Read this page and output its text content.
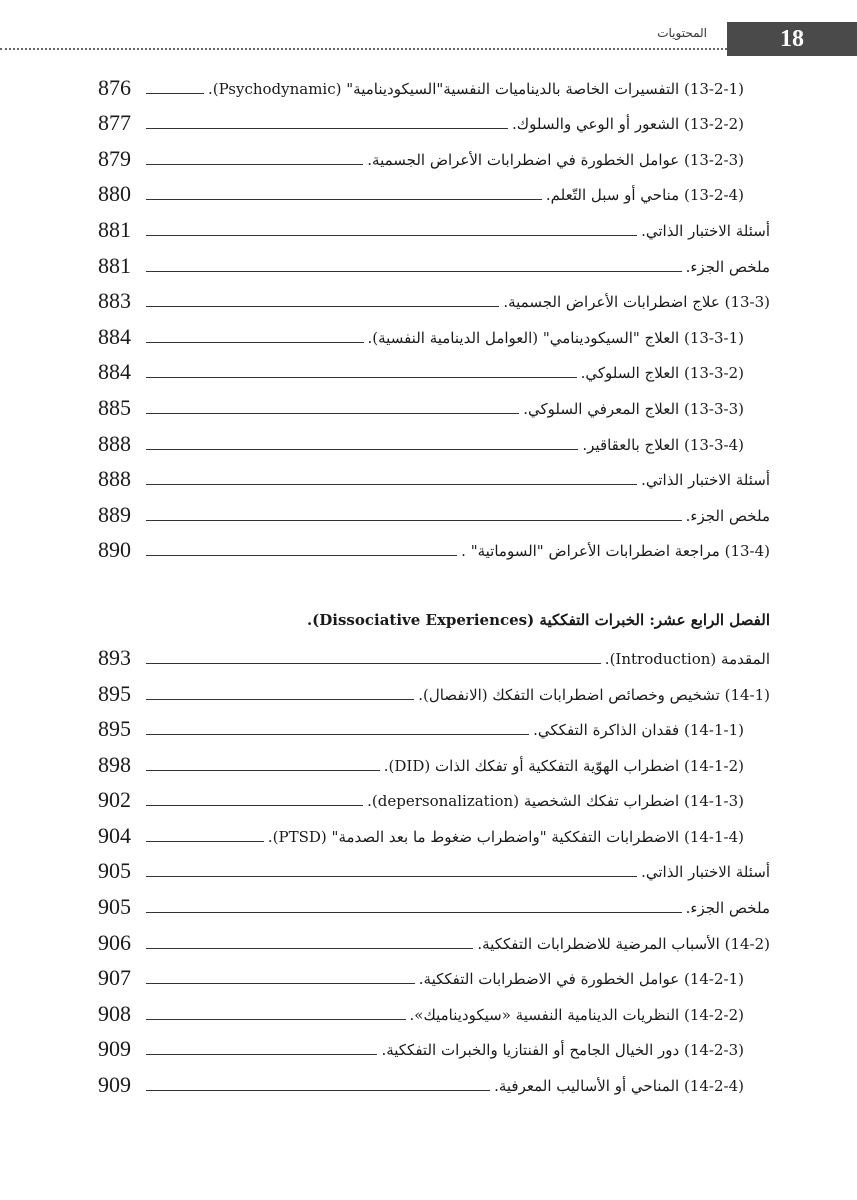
المحتويات	18
(13-2-1) التفسيرات الخاصة بالديناميات النفسية"السيكودينامية" (Psychodynamic).
876
(13-2-2) الشعور أو الوعي والسلوك.
877
(13-2-3) عوامل الخطورة في اضطرابات الأعراض الجسمية.
879
(13-2-4) مناحي أو سبل التّعلم.
880
أسئلة الاختبار الذاتي.
881
ملخص الجزء.
881
(13-3) علاج اضطرابات الأعراض الجسمية.
883
(13-3-1) العلاج "السيكودينامي" (العوامل الدينامية النفسية).
884
(13-3-2) العلاج السلوكي.
884
(13-3-3) العلاج المعرفي السلوكي.
885
(13-3-4) العلاج بالعقاقير.
888
أسئلة الاختبار الذاتي.
888
ملخص الجزء.
889
(13-4) مراجعة اضطرابات الأعراض "السوماتية" .
890
الفصل الرابع عشر: الخبرات التفككية (Dissociative Experiences).
المقدمة (Introduction).
893
(14-1) تشخيص وخصائص اضطرابات التفكك (الانفصال).
895
(14-1-1) فقدان الذاكرة التفككي.
895
(14-1-2) اضطراب الهوّية التفككية أو تفكك الذات (DID).
898
(14-1-3) اضطراب تفكك الشخصية (depersonalization).
902
(14-1-4) الاضطرابات التفككية "واضطراب ضغوط ما بعد الصدمة" (PTSD).
904
أسئلة الاختبار الذاتي.
905
ملخص الجزء.
905
(14-2) الأسباب المرضية للاضطرابات التفككية.
906
(14-2-1) عوامل الخطورة في الاضطرابات التفككية.
907
(14-2-2) النظريات الدينامية النفسية «سيكوديناميك».
908
(14-2-3) دور الخيال الجامح أو الفنتازيا والخبرات التفككية.
909
(14-2-4) المناحي أو الأساليب المعرفية.
909
